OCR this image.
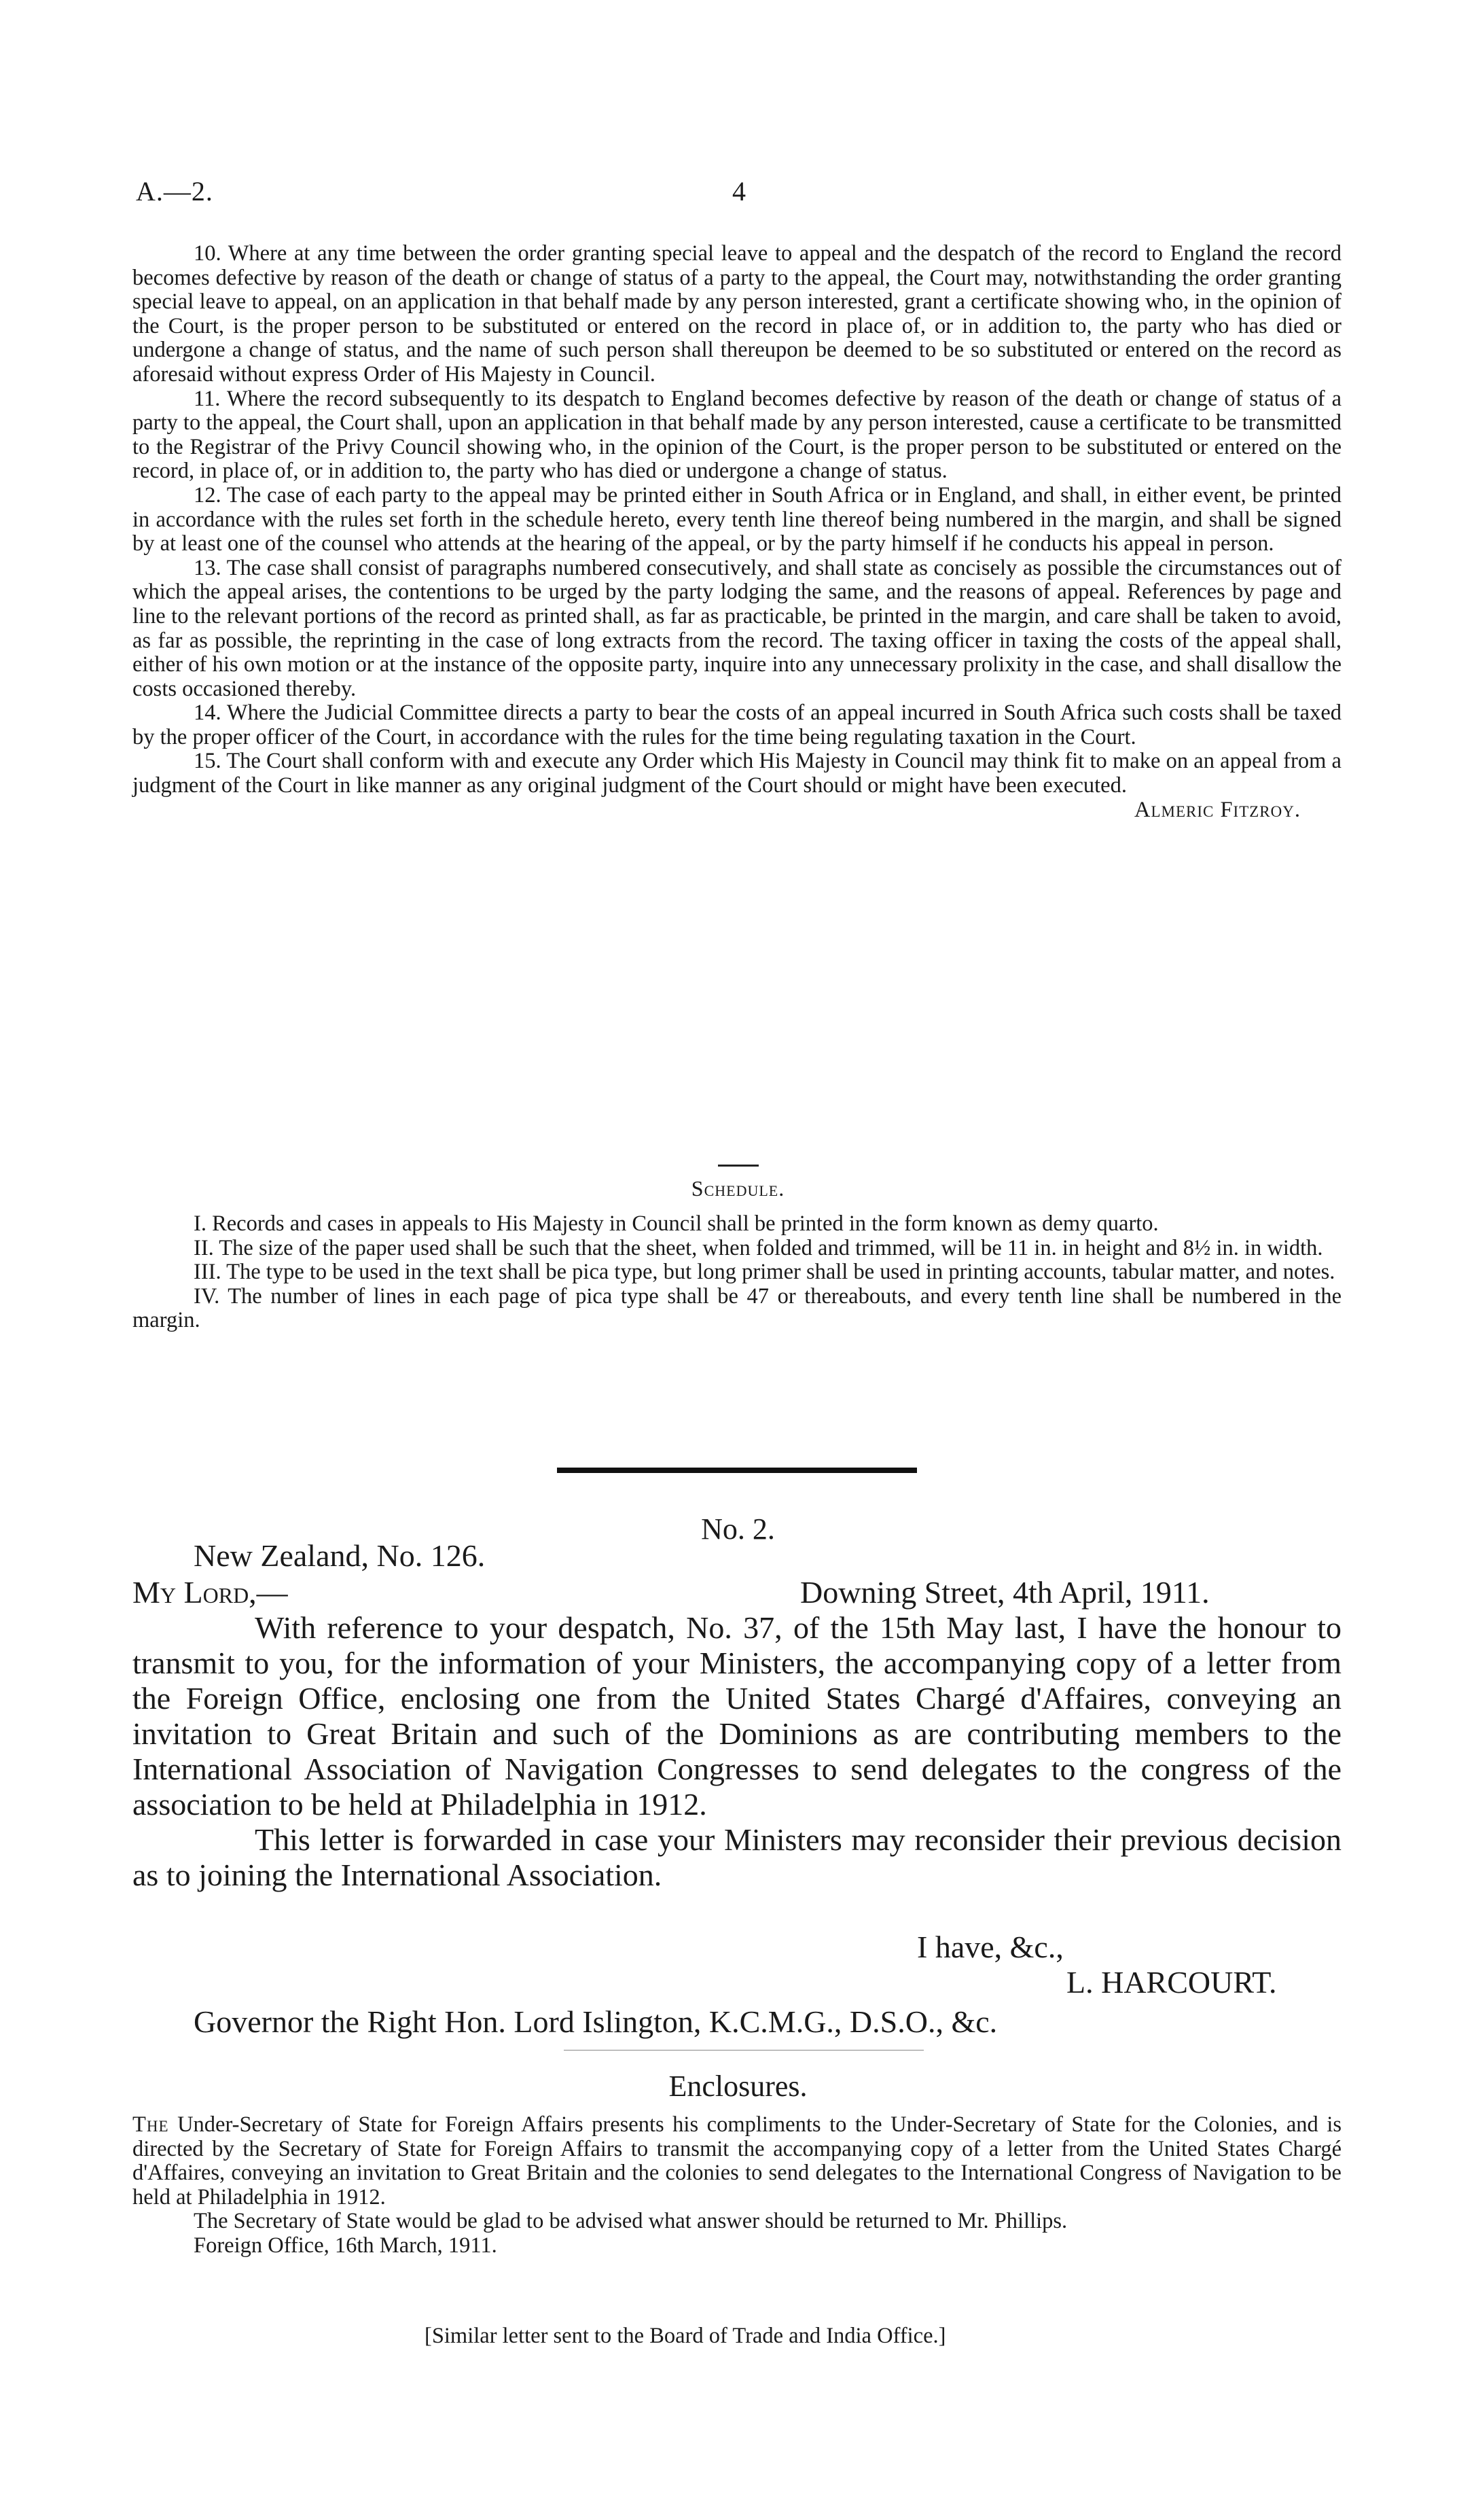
A.—2.	4

10. Where at any time between the order granting special leave to appeal and the despatch of the record to England the record becomes defective by reason of the death or change of status of a party to the appeal, the Court may, notwithstanding the order granting special leave to appeal, on an application in that behalf made by any person interested, grant a certificate showing who, in the opinion of the Court, is the proper person to be substituted or entered on the record in place of, or in addition to, the party who has died or undergone a change of status, and the name of such person shall thereupon be deemed to be so substituted or entered on the record as aforesaid without express Order of His Majesty in Council.

11. Where the record subsequently to its despatch to England becomes defective by reason of the death or change of status of a party to the appeal, the Court shall, upon an application in that behalf made by any person interested, cause a certificate to be transmitted to the Registrar of the Privy Council showing who, in the opinion of the Court, is the proper person to be substituted or entered on the record, in place of, or in addition to, the party who has died or undergone a change of status.

12. The case of each party to the appeal may be printed either in South Africa or in England, and shall, in either event, be printed in accordance with the rules set forth in the schedule hereto, every tenth line thereof being numbered in the margin, and shall be signed by at least one of the counsel who attends at the hearing of the appeal, or by the party himself if he conducts his appeal in person.

13. The case shall consist of paragraphs numbered consecutively, and shall state as concisely as possible the circumstances out of which the appeal arises, the contentions to be urged by the party lodging the same, and the reasons of appeal. References by page and line to the relevant portions of the record as printed shall, as far as practicable, be printed in the margin, and care shall be taken to avoid, as far as possible, the reprinting in the case of long extracts from the record. The taxing officer in taxing the costs of the appeal shall, either of his own motion or at the instance of the opposite party, inquire into any unnecessary prolixity in the case, and shall disallow the costs occasioned thereby.

14. Where the Judicial Committee directs a party to bear the costs of an appeal incurred in South Africa such costs shall be taxed by the proper officer of the Court, in accordance with the rules for the time being regulating taxation in the Court.

15. The Court shall conform with and execute any Order which His Majesty in Council may think fit to make on an appeal from a judgment of the Court in like manner as any original judgment of the Court should or might have been executed.
Almeric Fitzroy.

Schedule.

I. Records and cases in appeals to His Majesty in Council shall be printed in the form known as demy quarto.

II. The size of the paper used shall be such that the sheet, when folded and trimmed, will be 11 in. in height and 8½ in. in width.

III. The type to be used in the text shall be pica type, but long primer shall be used in printing accounts, tabular matter, and notes.

IV. The number of lines in each page of pica type shall be 47 or thereabouts, and every tenth line shall be numbered in the margin.

No. 2.
New Zealand, No. 126.
My Lord,—	Downing Street, 4th April, 1911.

With reference to your despatch, No. 37, of the 15th May last, I have the honour to transmit to you, for the information of your Ministers, the accompanying copy of a letter from the Foreign Office, enclosing one from the United States Chargé d'Affaires, conveying an invitation to Great Britain and such of the Dominions as are contributing members to the International Association of Navigation Congresses to send delegates to the congress of the association to be held at Philadelphia in 1912.

This letter is forwarded in case your Ministers may reconsider their previous decision as to joining the International Association.

I have, &c.,
L. HARCOURT.
Governor the Right Hon. Lord Islington, K.C.M.G., D.S.O., &c.
Enclosures.

The Under-Secretary of State for Foreign Affairs presents his compliments to the Under-Secretary of State for the Colonies, and is directed by the Secretary of State for Foreign Affairs to transmit the accompanying copy of a letter from the United States Chargé d'Affaires, conveying an invitation to Great Britain and the colonies to send delegates to the International Congress of Navigation to be held at Philadelphia in 1912.

The Secretary of State would be glad to be advised what answer should be returned to Mr. Phillips.

Foreign Office, 16th March, 1911.

[Similar letter sent to the Board of Trade and India Office.]
